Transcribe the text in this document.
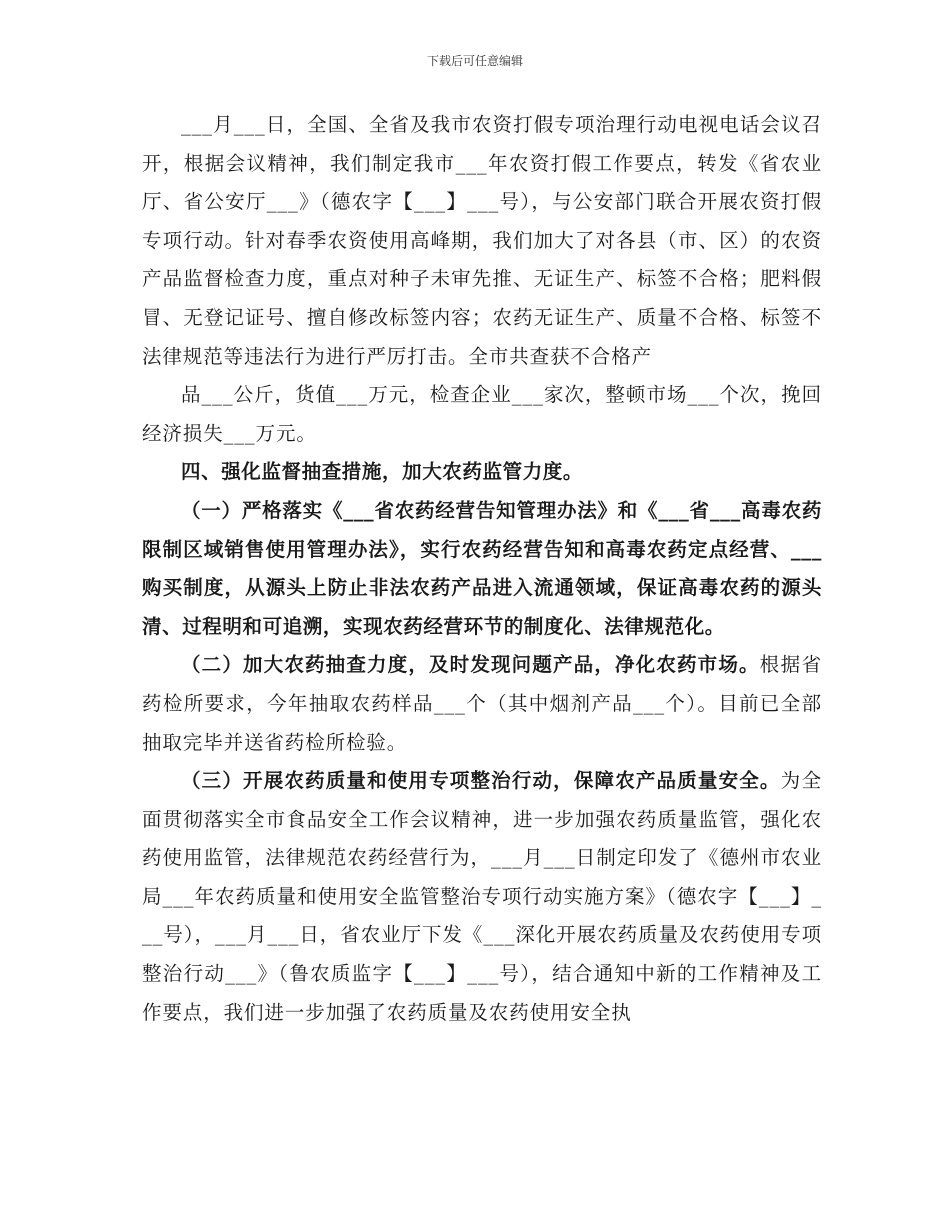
下载后可任意编辑

___月___日，全国、全省及我市农资打假专项治理行动电视电话会议召开，根据会议精神，我们制定我市___年农资打假工作要点，转发《省农业厅、省公安厅___》（德农字【___】___号），与公安部门联合开展农资打假专项行动。针对春季农资使用高峰期，我们加大了对各县（市、区）的农资产品监督检查力度，重点对种子未审先推、无证生产、标签不合格；肥料假冒、无登记证号、擅自修改标签内容；农药无证生产、质量不合格、标签不法律规范等违法行为进行严厉打击。全市共查获不合格产

品___公斤，货值___万元，检查企业___家次，整顿市场___个次，挽回经济损失___万元。

四、强化监督抽查措施，加大农药监管力度。

（一）严格落实《___省农药经营告知管理办法》和《___省___高毒农药限制区域销售使用管理办法》，实行农药经营告知和高毒农药定点经营、___购买制度，从源头上防止非法农药产品进入流通领域，保证高毒农药的源头清、过程明和可追溯，实现农药经营环节的制度化、法律规范化。

（二）加大农药抽查力度，及时发现问题产品，净化农药市场。根据省药检所要求，今年抽取农药样品___个（其中烟剂产品___个）。目前已全部抽取完毕并送省药检所检验。

（三）开展农药质量和使用专项整治行动，保障农产品质量安全。为全面贯彻落实全市食品安全工作会议精神，进一步加强农药质量监管，强化农药使用监管，法律规范农药经营行为，___月___日制定印发了《德州市农业局___年农药质量和使用安全监管整治专项行动实施方案》（德农字【___】___号），___月___日，省农业厅下发《___深化开展农药质量及农药使用专项整治行动___》（鲁农质监字【___】___号），结合通知中新的工作精神及工作要点，我们进一步加强了农药质量及农药使用安全执
